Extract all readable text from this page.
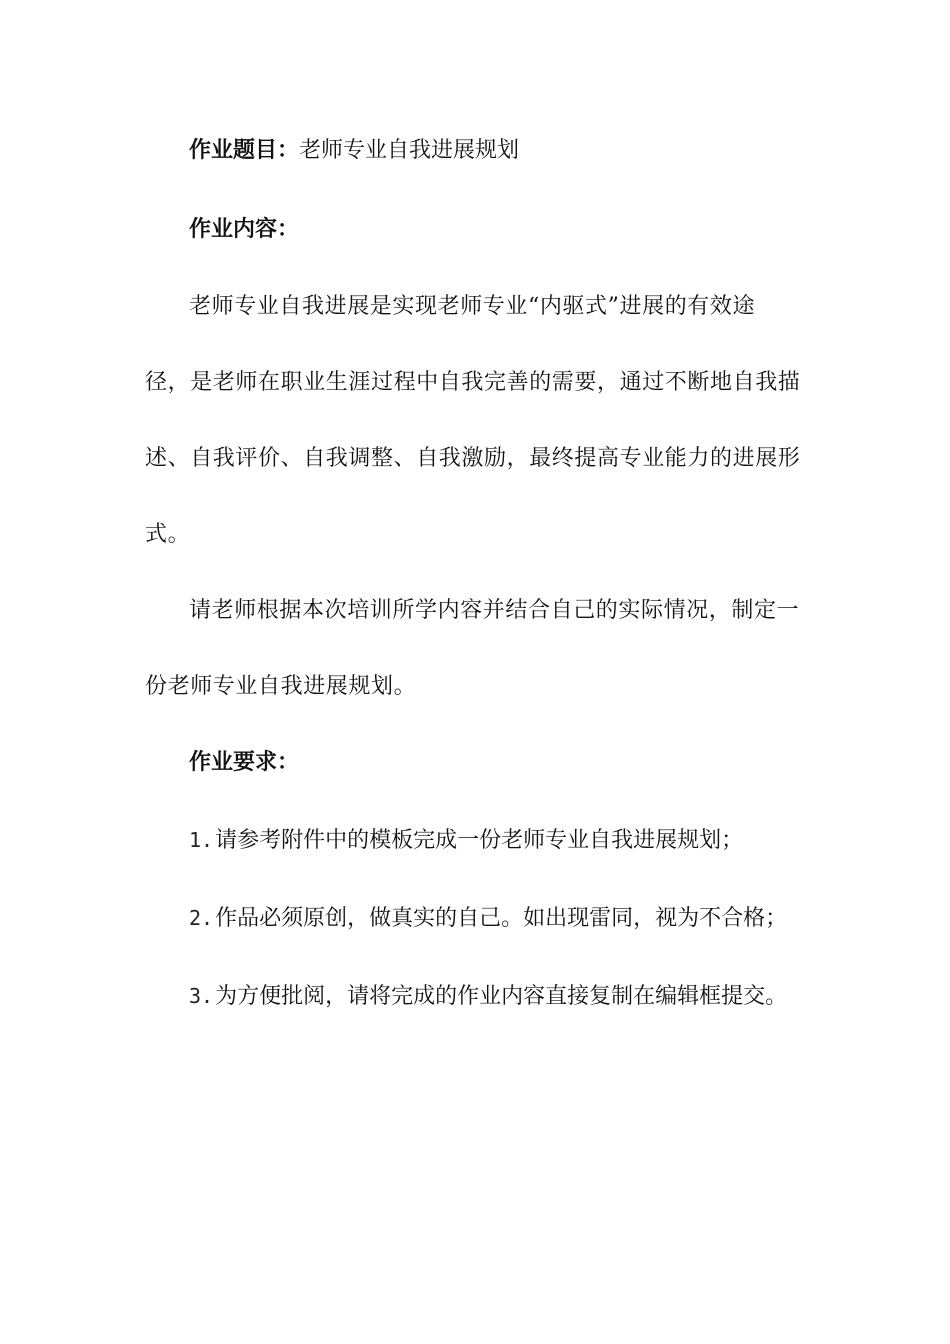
作业题目：老师专业自我进展规划
作业内容：
老师专业自我进展是实现老师专业“内驱式”进展的有效途
径，是老师在职业生涯过程中自我完善的需要，通过不断地自我描
述、自我评价、自我调整、自我激励，最终提高专业能力的进展形
式。
请老师根据本次培训所学内容并结合自己的实际情况，制定一
份老师专业自我进展规划。
作业要求：
1.请参考附件中的模板完成一份老师专业自我进展规划；
2.作品必须原创，做真实的自己。如出现雷同，视为不合格；
3.为方便批阅，请将完成的作业内容直接复制在编辑框提交。
